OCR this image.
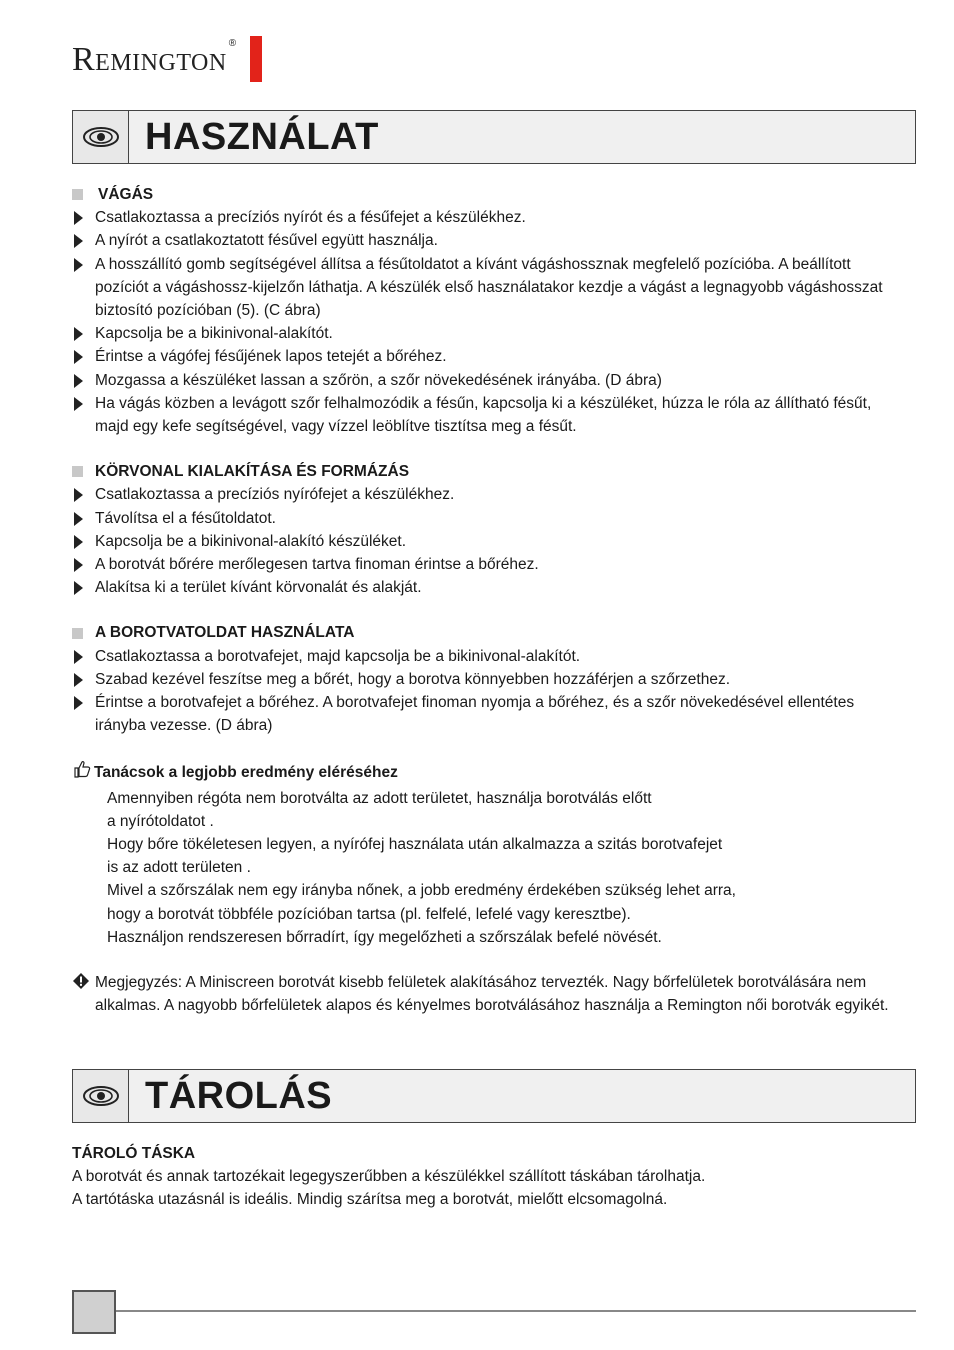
Remington ®
HASZNÁLAT
VÁGÁS
Csatlakoztassa a precíziós nyírót és a fésűfejet a készülékhez.
A nyírót a csatlakoztatott fésűvel együtt használja.
A hosszállító gomb segítségével állítsa a fésűtoldatot a kívánt vágáshossznak megfelelő pozícióba. A beállított pozíciót a vágáshossz-kijelzőn láthatja. A készülék első használatakor kezdje a vágást a legnagyobb vágáshosszat biztosító pozícióban (5). (C ábra)
Kapcsolja be a bikinivonal-alakítót.
Érintse a vágófej fésűjének lapos tetejét a bőréhez.
Mozgassa a készüléket lassan a szőrön, a szőr növekedésének irányába. (D ábra)
Ha vágás közben a levágott szőr felhalmozódik a fésűn, kapcsolja ki a készüléket, húzza le róla az állítható fésűt, majd egy kefe segítségével, vagy vízzel leöblítve tisztítsa meg a fésűt.
KÖRVONAL KIALAKÍTÁSA ÉS FORMÁZÁS
Csatlakoztassa a precíziós nyírófejet a készülékhez.
Távolítsa el a fésűtoldatot.
Kapcsolja be a bikinivonal-alakító készüléket.
A borotvát bőrére merőlegesen tartva finoman érintse a bőréhez.
Alakítsa ki a terület kívánt körvonalát és alakját.
A BOROTVATOLDAT HASZNÁLATA
Csatlakoztassa a borotvafejet, majd kapcsolja be a bikinivonal-alakítót.
Szabad kezével feszítse meg a bőrét, hogy a borotva könnyebben hozzáférjen a szőrzethez.
Érintse a borotvafejet a bőréhez. A borotvafejet finoman nyomja a bőréhez, és a szőr növekedésével ellentétes irányba vezesse. (D ábra)
Tanácsok a legjobb eredmény eléréséhez
Amennyiben régóta nem borotválta az adott területet, használja borotválás előtt
a nyírótoldatot .
Hogy bőre tökéletesen legyen, a nyírófej használata után alkalmazza a szitás borotvafejet
is az adott területen .
Mivel a szőrszálak nem egy irányba nőnek, a jobb eredmény érdekében szükség lehet arra,
hogy a borotvát többféle pozícióban tartsa (pl. felfelé, lefelé vagy keresztbe).
Használjon rendszeresen bőrradírt, így megelőzheti a szőrszálak befelé növését.
Megjegyzés: A Miniscreen borotvát kisebb felületek alakításához tervezték. Nagy bőrfelületek borotválására nem alkalmas. A nagyobb bőrfelületek alapos és kényelmes borotválásához használja a Remington női borotvák egyikét.
TÁROLÁS
TÁROLÓ TÁSKA
A borotvát és annak tartozékait legegyszerűbben a készülékkel szállított táskában tárolhatja.
A tartótáska utazásnál is ideális. Mindig szárítsa meg a borotvát, mielőtt elcsomagolná.
